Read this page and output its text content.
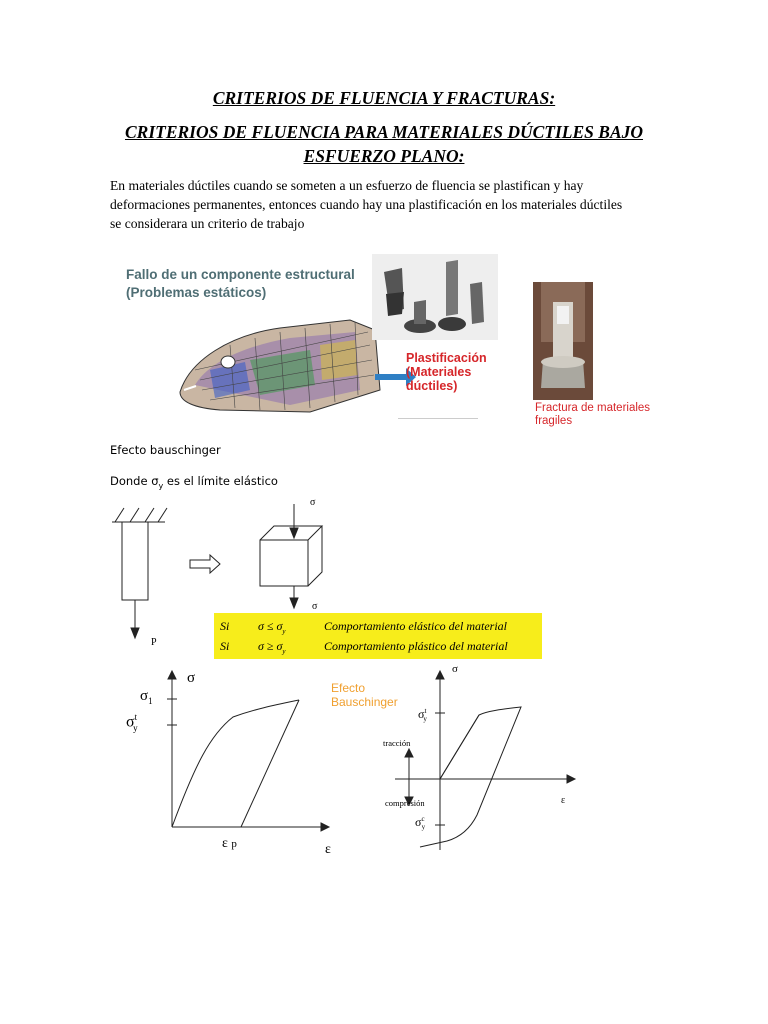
CRITERIOS DE FLUENCIA Y FRACTURAS:
CRITERIOS DE FLUENCIA PARA MATERIALES DÚCTILES BAJO
ESFUERZO PLANO:
En materiales dúctiles cuando se someten a un esfuerzo de fluencia se plastifican y hay
deformaciones permanentes, entonces cuando hay una plastificación en los materiales dúctiles
se considerara un criterio de trabajo
Fallo de un componente estructural
(Problemas estáticos)
Plastificación
(Materiales dúctiles)
Fractura de materiales
fragiles
Efecto bauschinger
Donde $\sigma_y$ es el límite elástico
P
σ
σ
Si $\sigma \le \sigma_y$	Comportamiento elástico del material
Si $\sigma \ge \sigma_y$	Comportamiento plástico del material
σ
$\sigma_1$
$\sigma^t_y$
ε p	ε
Efecto
Bauschinger
σ
$\sigma^t_y$
tracción
compresión	ε
$\sigma^c_y$
